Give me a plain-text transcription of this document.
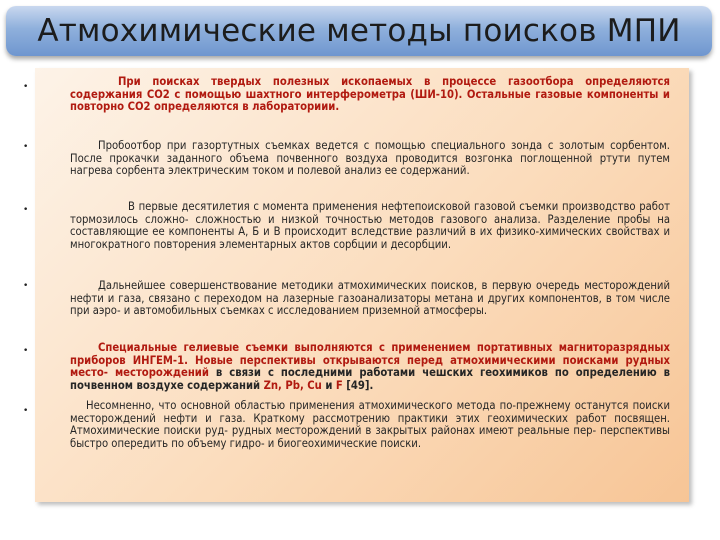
Атмохимические методы поисков МПИ
•	При поисках твердых полезных ископаемых в процессе газоотбора определяются содержания CO2 с помощью шахтного интерферометра (ШИ-10). Остальные газовые компоненты и повторно CO2 определяются в лабораториии.

•	Пробоотбор при газортутных съемках ведется с помощью специального зонда с золотым сорбентом. После прокачки заданного объема почвенного воздуха проводится возгонка поглощенной ртути путем нагрева сорбента электрическим током и полевой анализ ее содержаний.

•	В первые десятилетия с момента применения нефтепоисковой газовой съемки производство работ тормозилось сложно- сложностью и низкой точностью методов газового анализа. Разделение пробы на составляющие ее компоненты А, Б и В происходит вследствие различий в их физико-химических свойствах и многократного повторения элементарных актов сорбции и десорбции.

•	Дальнейшее совершенствование методики атмохимических поисков, в первую очередь месторождений нефти и газа, связано с переходом на лазерные газоанализаторы метана и других компонентов, в том числе при аэро- и автомобильных съемках с исследованием приземной атмосферы.

•	Специальные гелиевые съемки выполняются с применением портативных магниторазрядных приборов ИНГЕМ-1. Новые перспективы открываются перед атмохимическими поисками рудных место- месторождений в связи с последними работами чешских геохимиков по определению в почвенном воздухе содержаний Zn, Pb, Cu и F [49].

•	Несомненно, что основной областью применения атмохимического метода по-прежнему останутся поиски месторождений нефти и газа. Краткому рассмотрению практики этих геохимических работ посвящен. Атмохимические поиски руд- рудных месторождений в закрытых районах имеют реальные пер- перспективы быстро опередить по объему гидро- и биогеохимические поиски.
